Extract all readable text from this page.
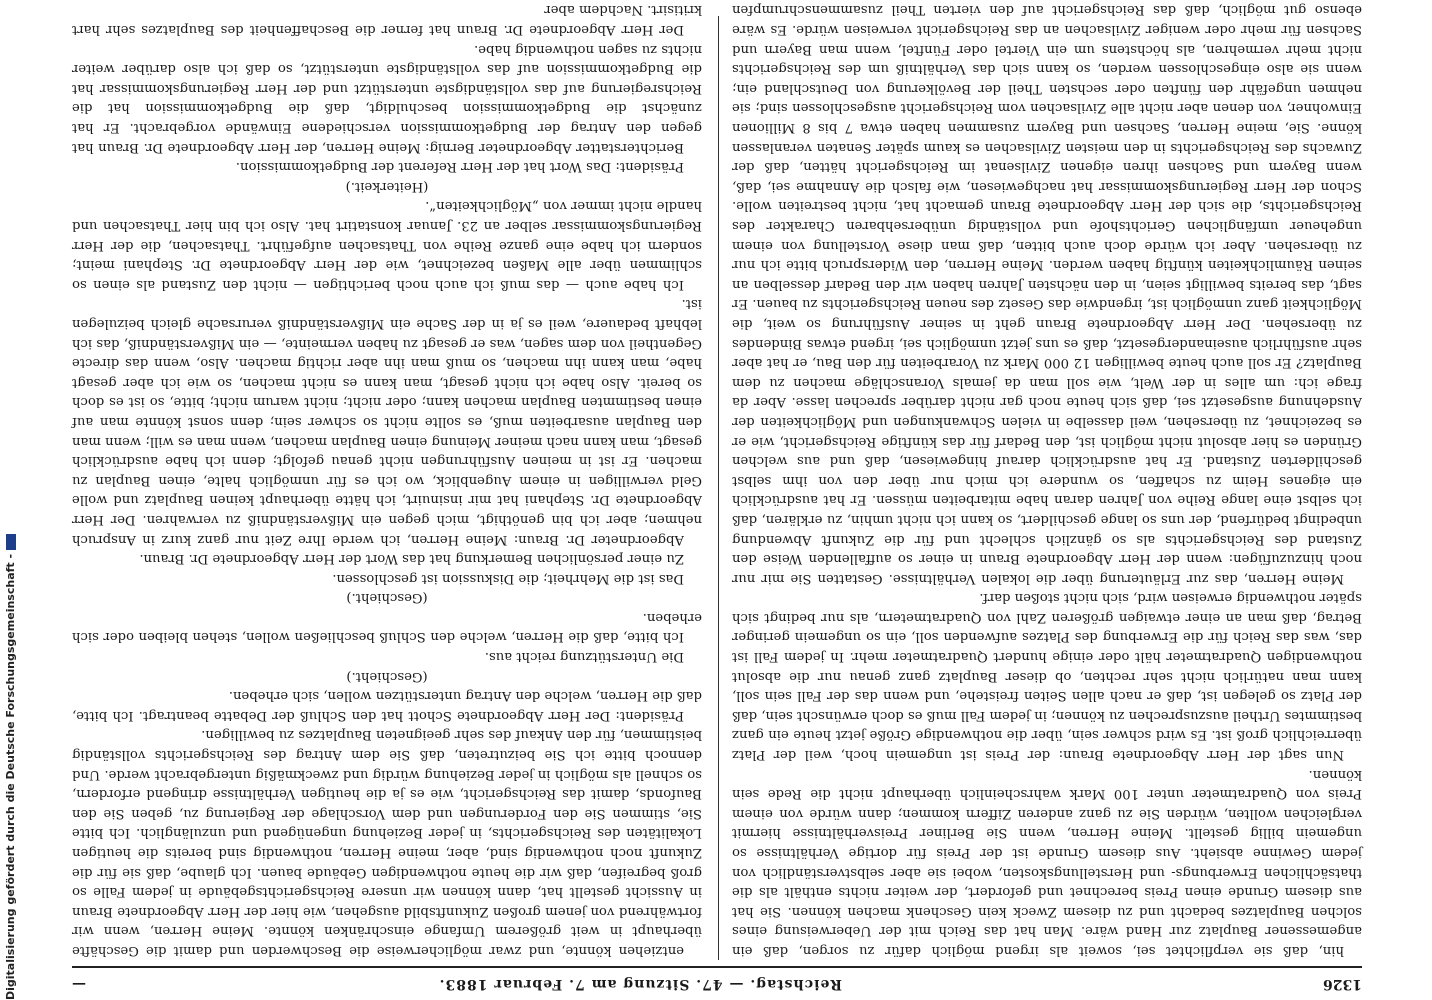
1326
Reichstag. — 47. Sitzung am 7. Februar 1883.
—

hin, daß sie verpflichtet sei, soweit als irgend möglich dafür zu sorgen, daß ein angemessener Bauplatz zur Hand wäre. Man hat das Reich mit der Ueberweisung eines solchen Bauplatzes bedacht und zu diesem Zweck kein Geschenk machen können. Sie hat aus diesem Grunde einen Preis berechnet und gefordert, der weiter nichts enthält als die thatsächlichen Erwerbungs- und Herstellungskosten, wobei sie aber selbstverständlich von jedem Gewinne absieht. Aus diesem Grunde ist der Preis für dortige Verhältnisse so ungemein billig gestellt. Meine Herren, wenn Sie Berliner Preisverhältnisse hiermit vergleichen wollten, würden Sie zu ganz anderen Ziffern kommen; dann würde von einem Preis von Quadratmeter unter 100 Mark wahrscheinlich überhaupt nicht die Rede sein können.

Nun sagt der Herr Abgeordnete Braun: der Preis ist ungemein hoch, weil der Platz überreichlich groß ist. Es wird schwer sein, über die nothwendige Größe jetzt heute ein ganz bestimmtes Urtheil auszusprechen zu können; in jedem Fall muß es doch erwünscht sein, daß der Platz so gelegen ist, daß er nach allen Seiten freistehe, und wenn das der Fall sein soll, kann man natürlich nicht sehr rechten, ob dieser Bauplatz ganz genau nur die absolut nothwendigen Quadratmeter hält oder einige hundert Quadratmeter mehr. In jedem Fall ist das, was das Reich für die Erwerbung des Platzes aufwenden soll, ein so ungemein geringer Betrag, daß man an einer etwaigen größeren Zahl von Quadratmetern, als nur bedingt sich später nothwendig erweisen wird, sich nicht stoßen darf.

Meine Herren, das zur Erläuterung über die lokalen Verhältnisse. Gestatten Sie mir nur noch hinzuzufügen: wenn der Herr Abgeordnete Braun in einer so auffallenden Weise den Zustand des Reichsgerichts als so gänzlich schlecht und für die Zukunft Abwendung unbedingt bedürfend, der uns so lange geschildert, so kann ich nicht umhin, zu erklären, daß ich selbst eine lange Reihe von Jahren daran habe mitarbeiten müssen. Er hat ausdrücklich ein eigenes Heim zu schaffen, so wundere ich mich nur über den von ihm selbst geschilderten Zustand. Er hat ausdrücklich darauf hingewiesen, daß und aus welchen Gründen es hier absolut nicht möglich ist, den Bedarf für das künftige Reichsgericht, wie er es bezeichnet, zu übersehen, weil dasselbe in vielen Schwankungen und Möglichkeiten der Ausdehnung ausgesetzt sei, daß sich heute noch gar nicht darüber sprechen lasse. Aber da frage ich: um alles in der Welt, wie soll man da jemals Voranschläge machen zu dem Bauplatz? Er soll auch heute bewilligen 12 000 Mark zu Vorarbeiten für den Bau, er hat aber sehr ausführlich auseinandergesetzt, daß es uns jetzt unmöglich sei, irgend etwas Bindendes zu übersehen. Der Herr Abgeordnete Braun geht in seiner Ausführung so weit, die Möglichkeit ganz unmöglich ist, irgendwie das Gesetz des neuen Reichsgerichts zu bauen. Er sagt, das bereits bewilligt seien, in den nächsten Jahren haben wir den Bedarf desselben an seinen Räumlichkeiten künftig haben werden. Meine Herren, den Widerspruch bitte ich nur zu übersehen. Aber ich würde doch auch bitten, daß man diese Vorstellung von einem ungeheuer umfänglichen Gerichtshofe und vollständig unübersehbaren Charakter des Reichsgerichts, die sich der Herr Abgeordnete Braun gemacht hat, nicht bestreiten wolle. Schon der Herr Regierungskommissar hat nachgewiesen, wie falsch die Annahme sei, daß, wenn Bayern und Sachsen ihren eigenen Zivilsenat im Reichsgericht hätten, daß der Zuwachs des Reichsgerichts in den meisten Zivilsachen es kaum später Senaten veranlassen könne. Sie, meine Herren, Sachsen und Bayern zusammen haben etwa 7 bis 8 Millionen Einwohner, von denen aber nicht alle Zivilsachen vom Reichsgericht ausgeschlossen sind; sie nehmen ungefähr den fünften oder sechsten Theil der Bevölkerung von Deutschland ein; wenn sie also eingeschlossen werden, so kann sich das Verhältniß um des Reichsgerichts nicht mehr vermehren, als höchstens um ein Viertel oder Fünftel, wenn man Bayern und Sachsen für mehr oder weniger Zivilsachen an das Reichsgericht verweisen würde. Es wäre ebenso gut möglich, daß das Reichsgericht auf den vierten Theil zusammenschrumpfen

entziehen könnte, und zwar möglicherweise die Beschwerden und damit die Geschäfte überhaupt in weit größerem Umfange einschränken könnte. Meine Herren, wenn wir fortwährend von jenem großen Zukunftsbild ausgehen, wie hier der Herr Abgeordnete Braun in Aussicht gestellt hat, dann können wir unsere Reichsgerichtsgebäude in jedem Falle so groß begreifen, daß wir die heute nothwendigen Gebäude bauen. Ich glaube, daß sie für die Zukunft noch nothwendig sind, aber, meine Herren, nothwendig sind bereits die heutigen Lokalitäten des Reichsgerichts, in jeder Beziehung ungenügend und unzulänglich. Ich bitte Sie, stimmen Sie den Forderungen und dem Vorschlage der Regierung zu, geben Sie den Baufonds, damit das Reichsgericht, wie es ja die heutigen Verhältnisse dringend erfordern, so schnell als möglich in jeder Beziehung würdig und zweckmäßig untergebracht werde. Und dennoch bitte ich Sie beizutreten, daß Sie dem Antrag des Reichsgerichts vollständig beistimmen, für den Ankauf des sehr geeigneten Bauplatzes zu bewilligen.

Präsident: Der Herr Abgeordnete Schott hat den Schluß der Debatte beantragt. Ich bitte, daß die Herren, welche den Antrag unterstützen wollen, sich erheben.

(Geschieht.)

Die Unterstützung reicht aus.

Ich bitte, daß die Herren, welche den Schluß beschließen wollen, stehen bleiben oder sich erheben.

(Geschieht.)

Das ist die Mehrheit; die Diskussion ist geschlossen.

Zu einer persönlichen Bemerkung hat das Wort der Herr Abgeordnete Dr. Braun.

Abgeordneter Dr. Braun: Meine Herren, ich werde Ihre Zeit nur ganz kurz in Anspruch nehmen; aber ich bin genöthigt, mich gegen ein Mißverständniß zu verwahren. Der Herr Abgeordnete Dr. Stephani hat mir insinuirt, ich hätte überhaupt keinen Bauplatz und wolle Geld verwilligen in einem Augenblick, wo ich es für unmöglich halte, einen Bauplan zu machen. Er ist in meinen Ausführungen nicht genau gefolgt; denn ich habe ausdrücklich gesagt, man kann nach meiner Meinung einen Bauplan machen, wenn man es will; wenn man den Bauplan ausarbeiten muß, es sollte nicht so schwer sein; denn sonst könnte man auf einen bestimmten Bauplan machen kann; oder nicht; nicht warum nicht; bitte, so ist es doch so bereit. Also habe ich nicht gesagt, man kann es nicht machen, so wie ich aber gesagt habe, man kann ihn machen, so muß man ihn aber richtig machen. Also, wenn das directe Gegentheil von dem sagen, was er gesagt zu haben vermeinte, — ein Mißverständniß, das ich lebhaft bedauere, weil es ja in der Sache ein Mißverständniß verursache gleich beizulegen ist.

Ich habe auch — das muß ich auch noch berichtigen — nicht den Zustand als einen so schlimmen über alle Maßen bezeichnet, wie der Herr Abgeordnete Dr. Stephani meint; sondern ich habe eine ganze Reihe von Thatsachen aufgeführt. Thatsachen, die der Herr Regierungskommissar selber an 23. Januar konstatirt hat. Also ich bin hier Thatsachen und handle nicht immer von „Möglichkeiten“.

(Heiterkeit.)

Präsident: Das Wort hat der Herr Referent der Budgetkommission.

Berichterstatter Abgeordneter Bernig: Meine Herren, der Herr Abgeordnete Dr. Braun hat gegen den Antrag der Budgetkommission verschiedene Einwände vorgebracht. Er hat zunächst die Budgetkommission beschuldigt, daß die Budgetkommission hat die Reichsregierung auf das vollständigste unterstützt und der Herr Regierungskommissar hat die Budgetkommission auf das vollständigste unterstützt, so daß ich also darüber weiter nichts zu sagen nothwendig habe.

Der Herr Abgeordnete Dr. Braun hat ferner die Beschaffenheit des Bauplatzes sehr hart kritisirt. Nachdem aber

Digitalisierung gefördert durch die Deutsche Forschungsgemeinschaft -
